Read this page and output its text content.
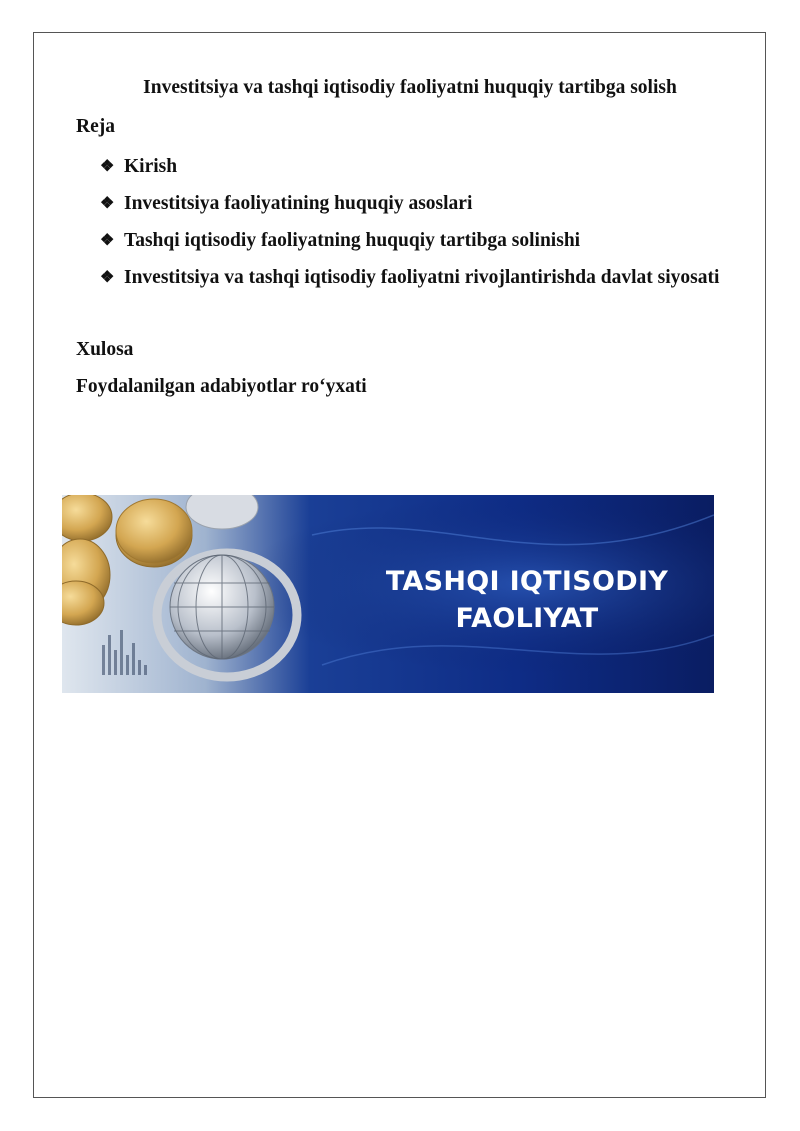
Investitsiya va tashqi iqtisodiy faoliyatni huquqiy tartibga solish
Reja
❖ Kirish
❖ Investitsiya faoliyatining huquqiy asoslari
❖ Tashqi iqtisodiy faoliyatning huquqiy tartibga solinishi
❖ Investitsiya va tashqi iqtisodiy faoliyatni rivojlantirishda davlat siyosati
Xulosa
Foydalanilgan adabiyotlar ro‘yxati
TASHQI IQTISODIY
FAOLIYAT
